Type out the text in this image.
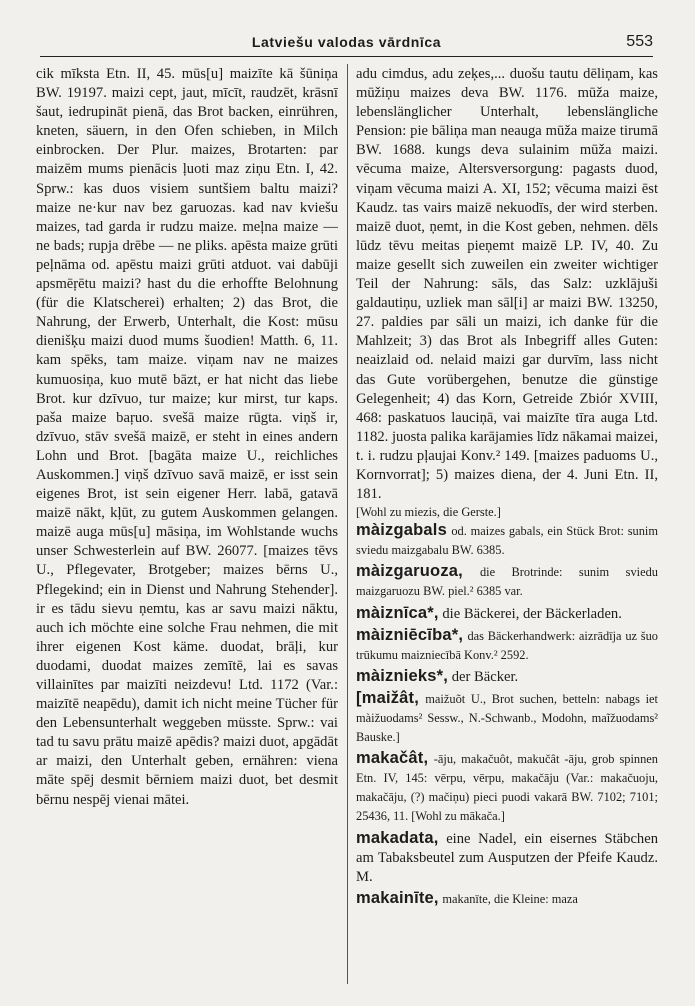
Latviešu valodas vārdnīca	553

cik mīksta Etn. II, 45. mūs[u] maizīte kā šūniņa BW. 19197. maizi cept, jaut, mīcīt, raudzēt, krāsnī šaut, iedrupināt pienā, das Brot backen, einrühren, kneten, säuern, in den Ofen schieben, in Milch einbrocken. Der Plur. maizes, Brotarten: par maizēm mums pienācis ļuoti maz ziņu Etn. I, 42. Sprw.: kas duos visiem suntšiem baltu maizi? maize ne·kur nav bez garuozas. kad nav kviešu maizes, tad garda ir rudzu maize. meļna maize — ne bads; rupja drēbe — ne pliks. apēsta maize grūti peļnāma od. apēstu maizi grūti atduot. vai dabūji apsmēŗētu maizi? hast du die erhoffte Belohnung (für die Klatscherei) erhalten; 2) das Brot, die Nahrung, der Erwerb, Unterhalt, die Kost: mūsu dienišķu maizi duod mums šuodien! Matth. 6, 11. kam spēks, tam maize. viņam nav ne maizes kumuosiņa, kuo mutē bāzt, er hat nicht das liebe Brot. kur dzīvuo, tur maize; kur mirst, tur kaps. paša maize baŗuo. svešā maize rūgta. viņš ir, dzīvuo, stāv svešā maizē, er steht in eines andern Lohn und Brot. [bagāta maize U., reichliches Auskommen.] viņš dzīvuo savā maizē, er isst sein eigenes Brot, ist sein eigener Herr. labā, gatavā maizē nākt, kļūt, zu gutem Auskommen gelangen. maizē auga mūs[u] māsiņa, im Wohlstande wuchs unser Schwesterlein auf BW. 26077. [maizes tēvs U., Pflegevater, Brotgeber; maizes bērns U., Pflegekind; ein in Dienst und Nahrung Stehender]. ir es tādu sievu ņemtu, kas ar savu maizi nāktu, auch ich möchte eine solche Frau nehmen, die mit ihrer eigenen Kost käme. duodat, brāļi, kur duodami, duodat maizes zemītē, lai es savas villainītes par maizīti neizdevu! Ltd. 1172 (Var.: maizītē neapēdu), damit ich nicht meine Tücher für den Lebensunterhalt weggeben müsste. Sprw.: vai tad tu savu prātu maizē apēdis? maizi duot, apgādāt ar maizi, den Unterhalt geben, ernähren: viena māte spēj desmit bērniem maizi duot, bet desmit bērnu nespēj vienai mātei.

adu cimdus, adu zeķes,... duošu tautu dēliņam, kas mūžiņu maizes deva BW. 1176. mūža maize, lebenslänglicher Unterhalt, lebenslängliche Pension: pie bāliņa man neauga mūža maize tirumā BW. 1688. kungs deva sulainim mūža maizi. vēcuma maize, Altersversorgung: pagasts duod, viņam vēcuma maizi A. XI, 152; vēcuma maizi ēst Kaudz. tas vairs maizē nekuodīs, der wird sterben. maizē duot, ņemt, in die Kost geben, nehmen. dēls lūdz tēvu meitas pieņemt maizē LP. IV, 40. Zu maize gesellt sich zuweilen ein zweiter wichtiger Teil der Nahrung: sāls, das Salz: uzklājuši galdautiņu, uzliek man sāl[i] ar maizi BW. 13250, 27. paldies par sāli un maizi, ich danke für die Mahlzeit; 3) das Brot als Inbegriff alles Guten: neaizlaid od. nelaid maizi gar durvīm, lass nicht das Gute vorübergehen, benutze die günstige Gelegenheit; 4) das Korn, Getreide Zbiór XVIII, 468: paskatuos lauciņā, vai maizīte tīra auga Ltd. 1182. juosta palika karājamies līdz nākamai maizei, t. i. rudzu pļaujai Konv.² 149. [maizes paduoms U., Kornvorrat]; 5) maizes diena, der 4. Juni Etn. II, 181.

[Wohl zu miezis, die Gerste.]

màizgabals od. maizes gabals, ein Stück Brot: sunim sviedu maizgabalu BW. 6385.

màizgaruoza, die Brotrinde: sunim sviedu maizgaruozu BW. piel.² 6385 var.

màiznīca*, die Bäckerei, der Bäckerladen.

màizniēcība*, das Bäckerhandwerk: aizrādīja uz šuo trūkumu maizniecībā Konv.² 2592.

màiznieks*, der Bäcker.

[maižât, maižuõt U., Brot suchen, betteln: nabags iet màižuodams² Sessw., N.-Schwanb., Modohn, maĩžuodams² Bauske.]

makačât, -āju, makačuôt, makučât -āju, grob spinnen Etn. IV, 145: vērpu, vērpu, makačāju (Var.: makačuoju, makačāju, (?) mačiņu) pieci puodi vakarā BW. 7102; 7101; 25436, 11. [Wohl zu mākača.]

makadata, eine Nadel, ein eisernes Stäbchen am Tabaksbeutel zum Ausputzen der Pfeife Kaudz. M.

makainīte, makanīte, die Kleine: maza
